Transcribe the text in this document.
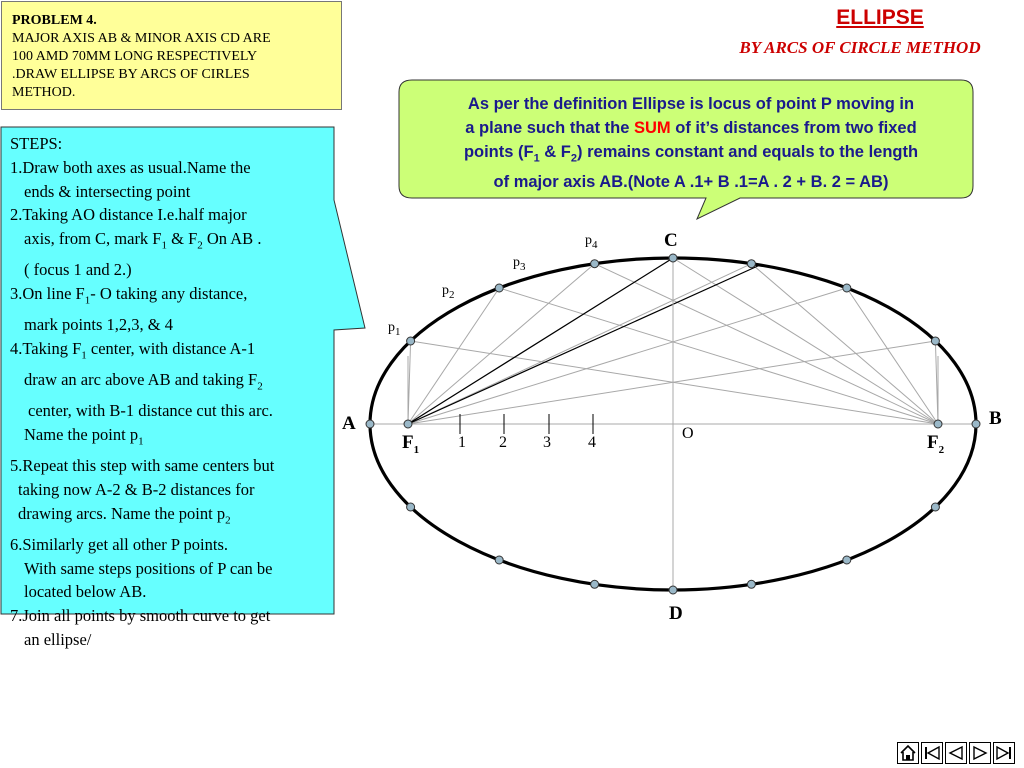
PROBLEM 4.
MAJOR AXIS AB & MINOR AXIS CD ARE
100 AMD 70MM LONG RESPECTIVELY
.DRAW ELLIPSE BY ARCS OF CIRLES
METHOD.
ELLIPSE
BY ARCS OF CIRCLE METHOD
As per the definition Ellipse is locus of point P moving in
a plane such that the SUM of it’s distances from two fixed
points ($F_1$ & $F_2$) remains constant and equals to the length
of major axis AB.(Note A .1+ B .1=A . 2 + B. 2 = AB)
STEPS:
1.Draw both axes as usual.Name the
ends & intersecting point
2.Taking AO distance I.e.half major
axis, from C, mark $F_1$ & $F_2$ On AB .
( focus 1 and 2.)
3.On line $F_1-$ O taking any distance,
mark points 1,2,3, & 4
4.Taking $F_1$ center, with distance A-1
draw an arc above AB and taking $F_2$
center, with B-1 distance cut this arc.
Name the point $p_1$
5.Repeat this step with same centers but
taking now A-2 & B-2 distances for
drawing arcs. Name the point $p_2$
6.Similarly get all other P points.
With same steps positions of P can be
located below AB.
7.Join all points by smooth curve to get
an ellipse/
A	B
C
D
O
$F_1$	$F_2$
1 2 3 4
$p_1$
$p_2$
$p_3$
$p_4$
